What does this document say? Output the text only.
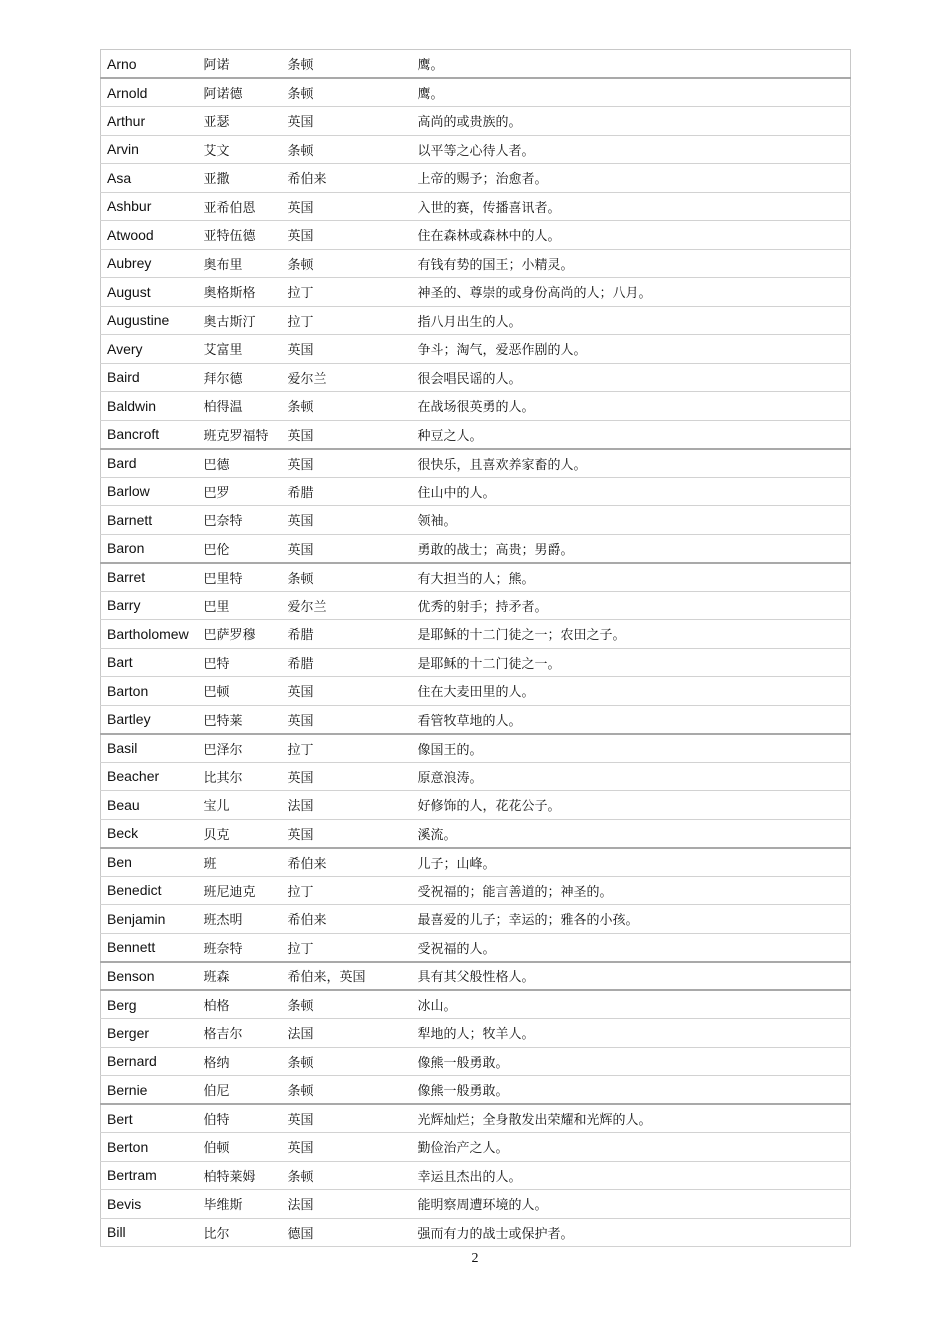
Arno	阿诺	条顿	鹰。
Arnold	阿诺德	条顿	鹰。
Arthur	亚瑟	英国	高尚的或贵族的。
Arvin	艾文	条顿	以平等之心待人者。
Asa	亚撒	希伯来	上帝的赐予；治愈者。
Ashbur	亚希伯恩	英国	入世的赛，传播喜讯者。
Atwood	亚特伍德	英国	住在森林或森林中的人。
Aubrey	奥布里	条顿	有钱有势的国王；小精灵。
August	奥格斯格	拉丁	神圣的、尊崇的或身份高尚的人；八月。
Augustine	奥古斯汀	拉丁	指八月出生的人。
Avery	艾富里	英国	争斗；淘气，爱恶作剧的人。
Baird	拜尔德	爱尔兰	很会唱民谣的人。
Baldwin	柏得温	条顿	在战场很英勇的人。
Bancroft	班克罗福特	英国	种豆之人。
Bard	巴德	英国	很快乐，且喜欢养家畜的人。
Barlow	巴罗	希腊	住山中的人。
Barnett	巴奈特	英国	领袖。
Baron	巴伦	英国	勇敢的战士；高贵；男爵。
Barret	巴里特	条顿	有大担当的人；熊。
Barry	巴里	爱尔兰	优秀的射手；持矛者。
Bartholomew	巴萨罗穆	希腊	是耶稣的十二门徒之一；农田之子。
Bart	巴特	希腊	是耶稣的十二门徒之一。
Barton	巴顿	英国	住在大麦田里的人。
Bartley	巴特莱	英国	看管牧草地的人。
Basil	巴泽尔	拉丁	像国王的。
Beacher	比其尔	英国	原意浪涛。
Beau	宝儿	法国	好修饰的人，花花公子。
Beck	贝克	英国	溪流。
Ben	班	希伯来	儿子；山峰。
Benedict	班尼迪克	拉丁	受祝福的；能言善道的；神圣的。
Benjamin	班杰明	希伯来	最喜爱的儿子；幸运的；雅各的小孩。
Bennett	班奈特	拉丁	受祝福的人。
Benson	班森	希伯来，英国	具有其父般性格人。
Berg	柏格	条顿	冰山。
Berger	格吉尔	法国	犁地的人；牧羊人。
Bernard	格纳	条顿	像熊一般勇敢。
Bernie	伯尼	条顿	像熊一般勇敢。
Bert	伯特	英国	光辉灿烂；全身散发出荣耀和光辉的人。
Berton	伯顿	英国	勤俭治产之人。
Bertram	柏特莱姆	条顿	幸运且杰出的人。
Bevis	毕维斯	法国	能明察周遭环境的人。
Bill	比尔	德国	强而有力的战士或保护者。
2
